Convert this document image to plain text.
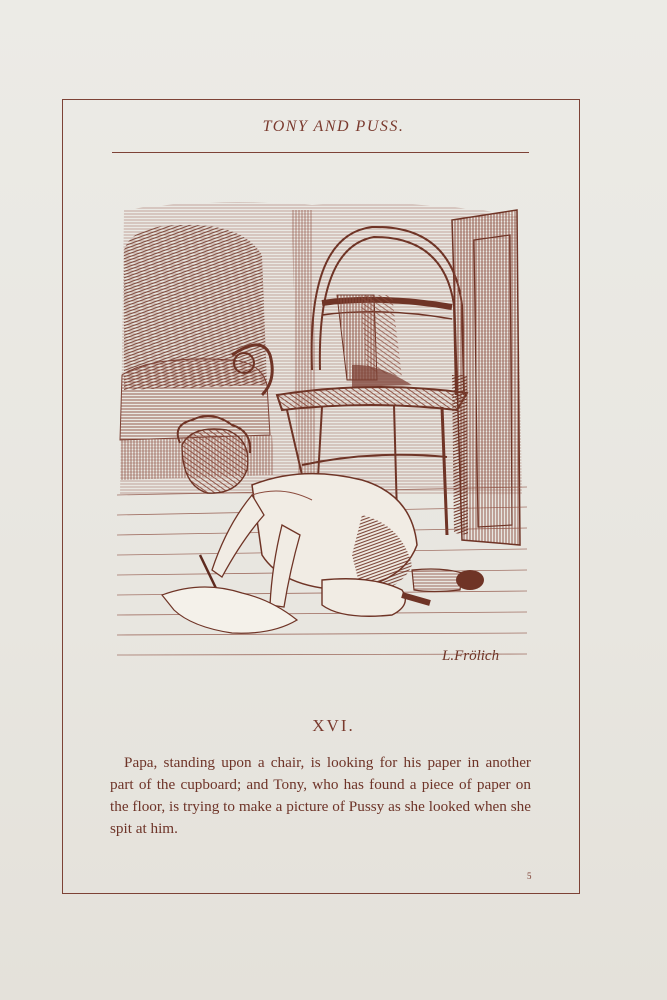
TONY AND PUSS.
L.Frölich
XVI.

Papa, standing upon a chair, is looking for his paper in another part of the cupboard; and Tony, who has found a piece of paper on the floor, is trying to make a picture of Pussy as she looked when she spit at him.

5
